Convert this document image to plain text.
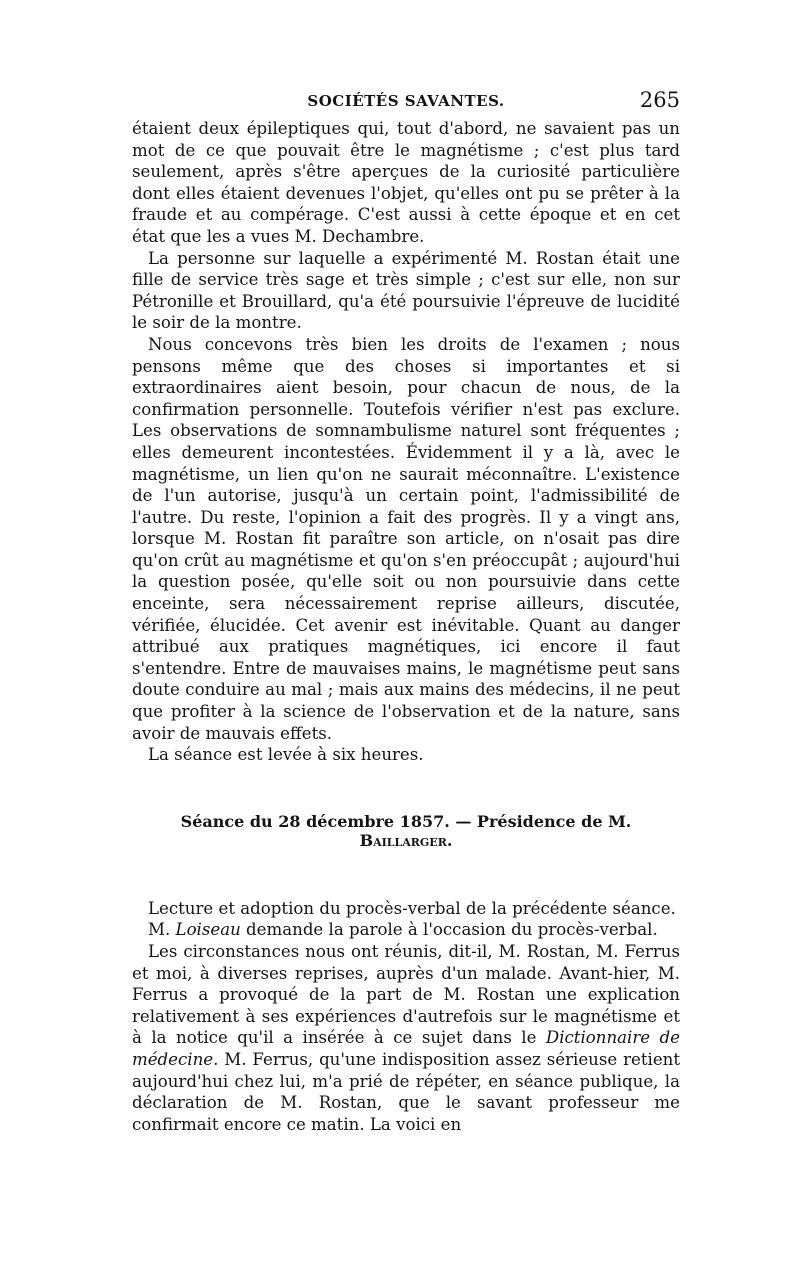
SOCIÉTÉS SAVANTES.	265

étaient deux épileptiques qui, tout d'abord, ne savaient pas un mot de ce que pouvait être le magnétisme ; c'est plus tard seulement, après s'être aperçues de la curiosité particulière dont elles étaient devenues l'objet, qu'elles ont pu se prêter à la fraude et au compérage. C'est aussi à cette époque et en cet état que les a vues M. Dechambre.

La personne sur laquelle a expérimenté M. Rostan était une fille de service très sage et très simple ; c'est sur elle, non sur Pétronille et Brouillard, qu'a été poursuivie l'épreuve de lucidité le soir de la montre.

Nous concevons très bien les droits de l'examen ; nous pensons même que des choses si importantes et si extraordinaires aient besoin, pour chacun de nous, de la confirmation personnelle. Toutefois vérifier n'est pas exclure. Les observations de somnambulisme naturel sont fréquentes ; elles demeurent incontestées. Évidemment il y a là, avec le magnétisme, un lien qu'on ne saurait méconnaître. L'existence de l'un autorise, jusqu'à un certain point, l'admissibilité de l'autre. Du reste, l'opinion a fait des progrès. Il y a vingt ans, lorsque M. Rostan fit paraître son article, on n'osait pas dire qu'on crût au magnétisme et qu'on s'en préoccupât ; aujourd'hui la question posée, qu'elle soit ou non poursuivie dans cette enceinte, sera nécessairement reprise ailleurs, discutée, vérifiée, élucidée. Cet avenir est inévitable. Quant au danger attribué aux pratiques magnétiques, ici encore il faut s'entendre. Entre de mauvaises mains, le magnétisme peut sans doute conduire au mal ; mais aux mains des médecins, il ne peut que profiter à la science de l'observation et de la nature, sans avoir de mauvais effets.

La séance est levée à six heures.

Séance du 28 décembre 1857. — Présidence de M. Baillarger.

Lecture et adoption du procès-verbal de la précédente séance.

M. Loiseau demande la parole à l'occasion du procès-verbal.

Les circonstances nous ont réunis, dit-il, M. Rostan, M. Ferrus et moi, à diverses reprises, auprès d'un malade. Avant-hier, M. Ferrus a provoqué de la part de M. Rostan une explication relativement à ses expériences d'autrefois sur le magnétisme et à la notice qu'il a insérée à ce sujet dans le Dictionnaire de médecine. M. Ferrus, qu'une indisposition assez sérieuse retient aujourd'hui chez lui, m'a prié de répéter, en séance publique, la déclaration de M. Rostan, que le savant professeur me confirmait encore ce matin. La voici en
